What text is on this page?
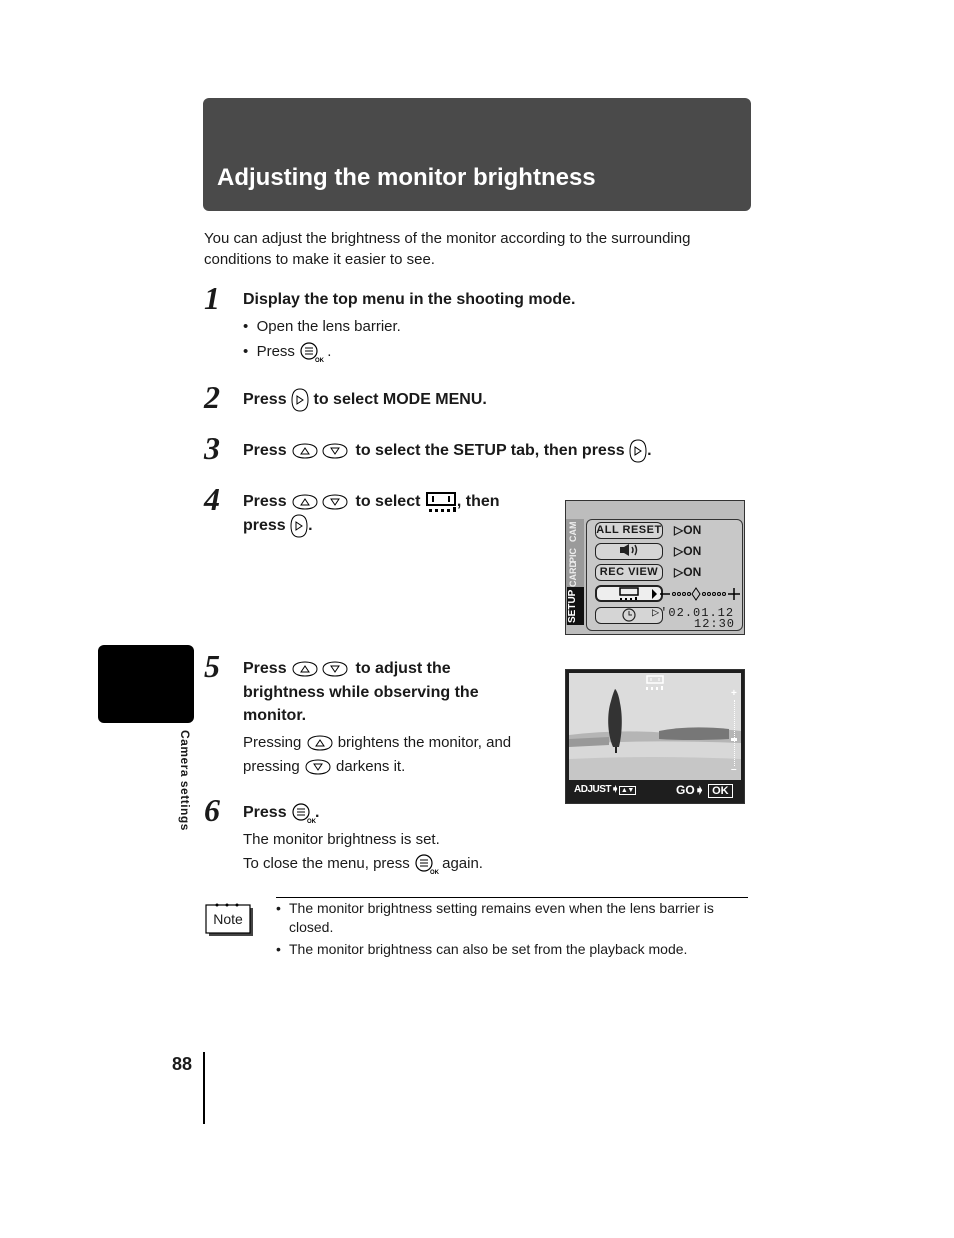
Adjusting the monitor brightness
You can adjust the brightness of the monitor according to the surrounding conditions to make it easier to see.
1 Display the top menu in the shooting mode.
•  Open the lens barrier.
•  Press
OK
.
2 Press to select MODE MENU.
3 Press	to select the SETUP tab, then press .
4 Press	to select , then
press .	CAM
PIC
CARD
SETUP
ALL RESET
REC VIEW
▷ON
▷ON
▷ON
▷'02.01.12
12:30
5 Press	to adjust the
brightness while observing the
monitor.
Pressing brightens the monitor, and
pressing darkens it.
+
–
ADJUST➧ ▲▼	GO➧ OK
6 Press
OK
.
The monitor brightness is set.
To close the menu, press
OK
again.
Note
• The monitor brightness setting remains even when the lens barrier is closed.
• The monitor brightness can also be set from the playback mode.
Camera settings
88
